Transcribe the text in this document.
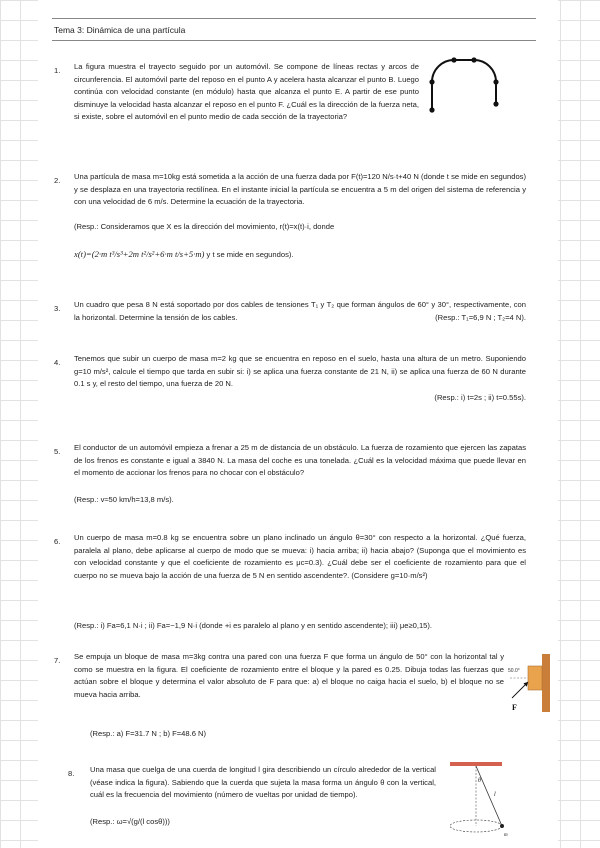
Tema 3: Dinámica de una partícula
1. La figura muestra el trayecto seguido por un automóvil. Se compone de líneas rectas y arcos de circunferencia. El automóvil parte del reposo en el punto A y acelera hasta alcanzar el punto B. Luego continúa con velocidad constante (en módulo) hasta que alcanza el punto E. A partir de ese punto disminuye la velocidad hasta alcanzar el reposo en el punto F. ¿Cuál es la dirección de la fuerza neta, si existe, sobre el automóvil en el punto medio de cada sección de la trayectoria?
2. Una partícula de masa m=10kg está sometida a la acción de una fuerza dada por F(t)=120 N/s·t+40 N (donde t se mide en segundos) y se desplaza en una trayectoria rectilínea. En el instante inicial la partícula se encuentra a 5 m del origen del sistema de referencia y con una velocidad de 6 m/s. Determine la ecuación de la trayectoria.
(Resp.: Consideramos que X es la dirección del movimiento, r(t)=x(t)·i, donde
x(t)=(2·m t³/s³+2m t²/s²+6·m t/s+5·m) y t se mide en segundos).
3. Un cuadro que pesa 8 N está soportado por dos cables de tensiones T₁ y T₂ que forman ángulos de 60° y 30°, respectivamente, con la horizontal. Determine la tensión de los cables.	(Resp.: T₁=6,9 N ; T₂=4 N).
4. Tenemos que subir un cuerpo de masa m=2 kg que se encuentra en reposo en el suelo, hasta una altura de un metro. Suponiendo g=10 m/s², calcule el tiempo que tarda en subir si: i) se aplica una fuerza constante de 21 N, ii) se aplica una fuerza de 60 N durante 0.1 s y, el resto del tiempo, una fuerza de 20 N.
(Resp.: i) t=2s ; ii) t=0.55s).
5. El conductor de un automóvil empieza a frenar a 25 m de distancia de un obstáculo. La fuerza de rozamiento que ejercen las zapatas de los frenos es constante e igual a 3840 N. La masa del coche es una tonelada. ¿Cuál es la velocidad máxima que puede llevar en el momento de accionar los frenos para no chocar con el obstáculo?
(Resp.: v≈50 km/h=13,8 m/s).
6. Un cuerpo de masa m=0.8 kg se encuentra sobre un plano inclinado un ángulo θ=30° con respecto a la horizontal. ¿Qué fuerza, paralela al plano, debe aplicarse al cuerpo de modo que se mueva: i) hacia arriba; ii) hacia abajo? (Suponga que el movimiento es con velocidad constante y que el coeficiente de rozamiento es μc=0.3). ¿Cuál debe ser el coeficiente de rozamiento para que el cuerpo no se mueva bajo la acción de una fuerza de 5 N en sentido ascendente?. (Considere g=10·m/s²)
(Resp.: i) Fa=6,1 N·i ; ii) Fa=−1,9 N·i (donde +i es paralelo al plano y en sentido ascendente); iii) μe≥0,15).
7. Se empuja un bloque de masa m=3kg contra una pared con una fuerza F que forma un ángulo de 50° con la horizontal tal y como se muestra en la figura. El coeficiente de rozamiento entre el bloque y la pared es 0.25. Dibuja todas las fuerzas que actúan sobre el bloque y determina el valor absoluto de F para que: a) el bloque no caiga hacia el suelo, b) el bloque no se mueva hacia arriba.
(Resp.: a) F=31.7 N ; b) F=48.6 N)
50.0°
F
8. Una masa que cuelga de una cuerda de longitud l gira describiendo un círculo alrededor de la vertical (véase indica la figura). Sabiendo que la cuerda que sujeta la masa forma un ángulo θ con la vertical, cuál es la frecuencia del movimiento (número de vueltas por unidad de tiempo).
(Resp.: ω=√(g/(l cosθ)))
θ
l
m
